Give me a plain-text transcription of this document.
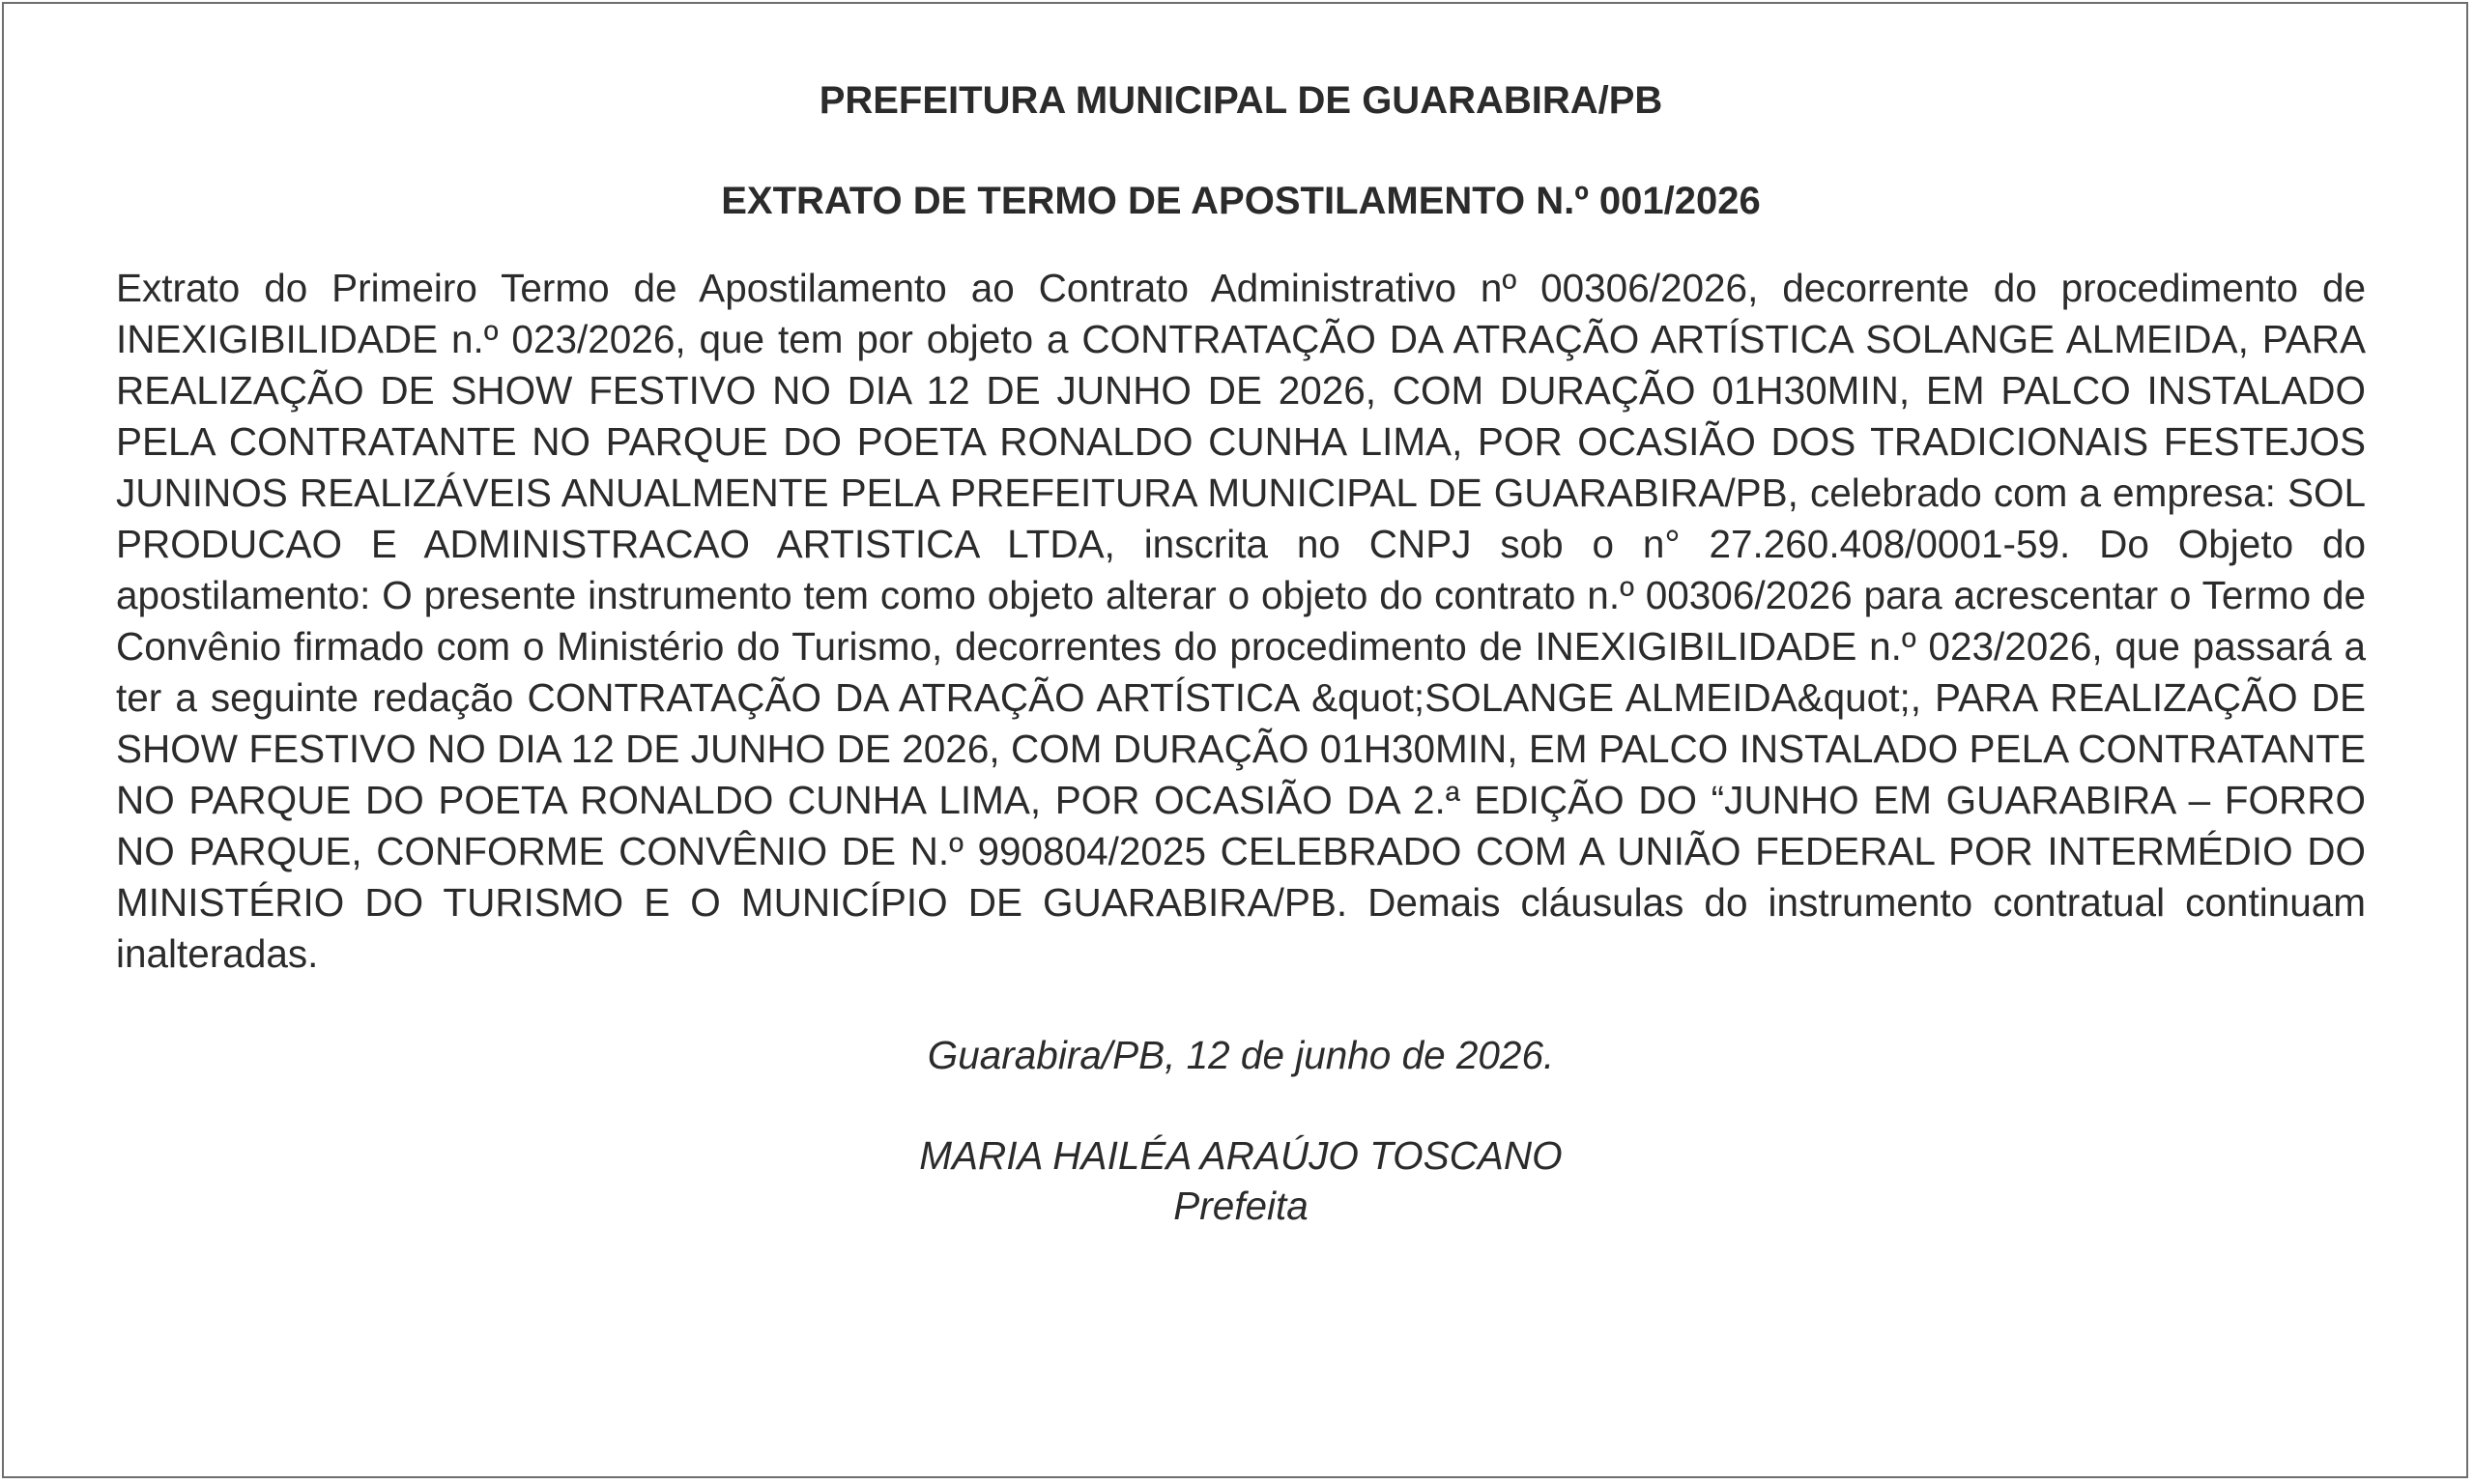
PREFEITURA MUNICIPAL DE GUARABIRA/PB

EXTRATO DE TERMO DE APOSTILAMENTO N.º 001/2026

Extrato do Primeiro Termo de Apostilamento ao Contrato Administrativo nº 00306/2026, decorrente do procedimento de INEXIGIBILIDADE n.º 023/2026, que tem por objeto a CONTRATAÇÃO DA ATRAÇÃO ARTÍSTICA SOLANGE ALMEIDA, PARA REALIZAÇÃO DE SHOW FESTIVO NO DIA 12 DE JUNHO DE 2026, COM DURAÇÃO 01H30MIN, EM PALCO INSTALADO PELA CONTRATANTE NO PARQUE DO POETA RONALDO CUNHA LIMA, POR OCASIÃO DOS TRADICIONAIS FESTEJOS JUNINOS REALIZÁVEIS ANUALMENTE PELA PREFEITURA MUNICIPAL DE GUARABIRA/PB, celebrado com a empresa: SOL PRODUCAO E ADMINISTRACAO ARTISTICA LTDA, inscrita no CNPJ sob o n° 27.260.408/0001-59. Do Objeto do apostilamento: O presente instrumento tem como objeto alterar o objeto do contrato n.º 00306/2026 para acrescentar o Termo de Convênio firmado com o Ministério do Turismo, decorrentes do procedimento de INEXIGIBILIDADE n.º 023/2026, que passará a ter a seguinte redação CONTRATAÇÃO DA ATRAÇÃO ARTÍSTICA &quot;SOLANGE ALMEIDA&quot;, PARA REALIZAÇÃO DE SHOW FESTIVO NO DIA 12 DE JUNHO DE 2026, COM DURAÇÃO 01H30MIN, EM PALCO INSTALADO PELA CONTRATANTE NO PARQUE DO POETA RONALDO CUNHA LIMA, POR OCASIÃO DA 2.ª EDIÇÃO DO “JUNHO EM GUARABIRA – FORRO NO PARQUE, CONFORME CONVÊNIO DE N.º 990804/2025 CELEBRADO COM A UNIÃO FEDERAL POR INTERMÉDIO DO MINISTÉRIO DO TURISMO E O MUNICÍPIO DE GUARABIRA/PB. Demais cláusulas do instrumento contratual continuam inalteradas.

Guarabira/PB, 12 de junho de 2026.
MARIA HAILÉA ARAÚJO TOSCANO
Prefeita
